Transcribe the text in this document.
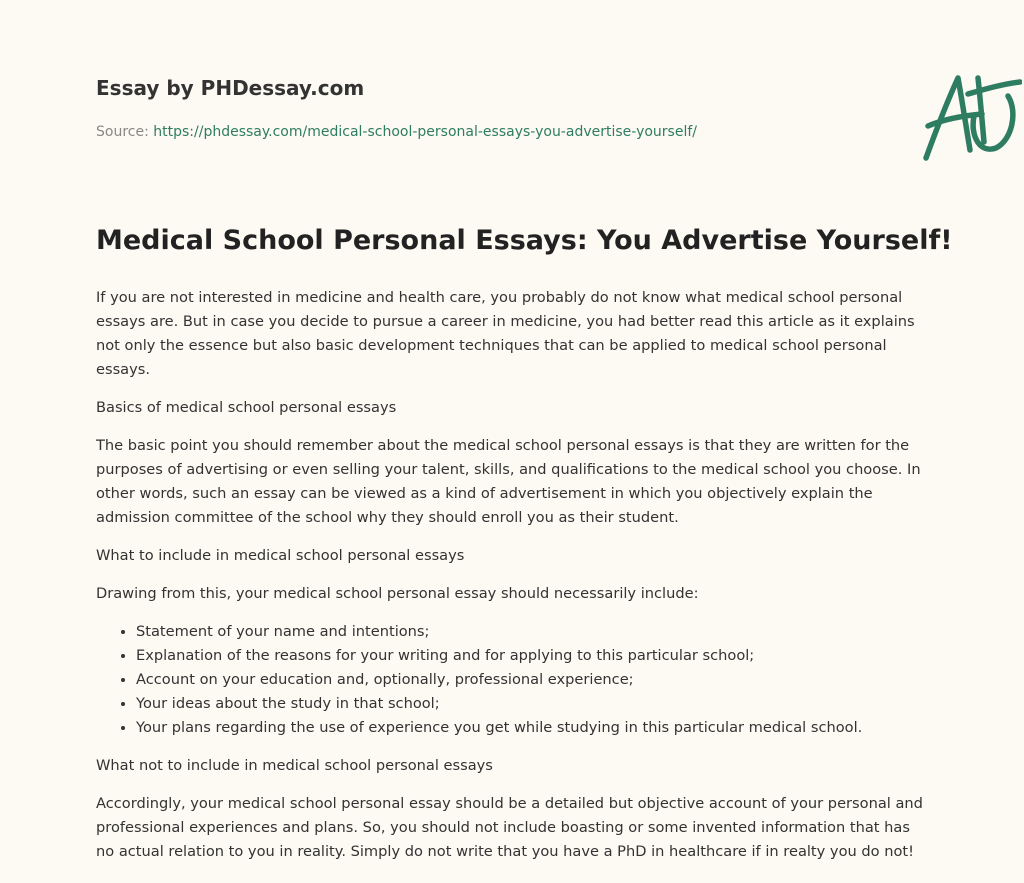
Essay by PHDessay.com
Source: https://phdessay.com/medical-school-personal-essays-you-advertise-yourself/
Medical School Personal Essays: You Advertise Yourself!

If you are not interested in medicine and health care, you probably do not know what medical school personal essays are. But in case you decide to pursue a career in medicine, you had better read this article as it explains not only the essence but also basic development techniques that can be applied to medical school personal essays.

Basics of medical school personal essays

The basic point you should remember about the medical school personal essays is that they are written for the purposes of advertising or even selling your talent, skills, and qualifications to the medical school you choose. In other words, such an essay can be viewed as a kind of advertisement in which you objectively explain the admission committee of the school why they should enroll you as their student.

What to include in medical school personal essays

Drawing from this, your medical school personal essay should necessarily include:

• Statement of your name and intentions;
• Explanation of the reasons for your writing and for applying to this particular school;
• Account on your education and, optionally, professional experience;
• Your ideas about the study in that school;
• Your plans regarding the use of experience you get while studying in this particular medical school.

What not to include in medical school personal essays

Accordingly, your medical school personal essay should be a detailed but objective account of your personal and professional experiences and plans. So, you should not include boasting or some invented information that has no actual relation to you in reality. Simply do not write that you have a PhD in healthcare if in realty you do not!
